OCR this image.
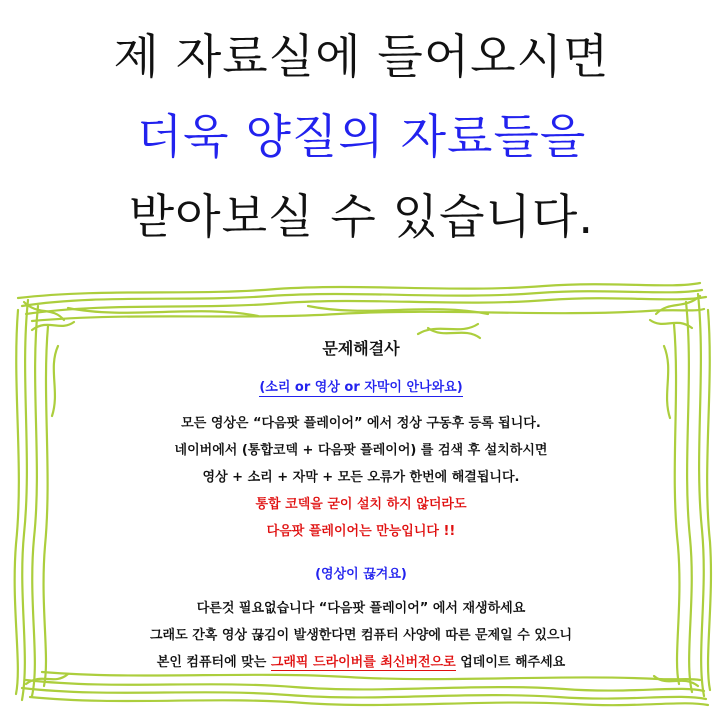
제 자료실에 들어오시면
더욱 양질의 자료들을
받아보실 수 있습니다.
문제해결사
(소리 or 영상 or 자막이 안나와요)

모든 영상은 “다음팟 플레이어” 에서 정상 구동후 등록 됩니다.

네이버에서 (통합코덱 + 다음팟 플레이어) 를 검색 후 설치하시면

영상 + 소리 + 자막 + 모든 오류가 한번에 해결됩니다.

통합 코덱을 굳이 설치 하지 않더라도

다음팟 플레이어는 만능입니다 !!

(영상이 끊겨요)

다른것 필요없습니다 “다음팟 플레이어” 에서 재생하세요

그래도 간혹 영상 끊김이 발생한다면 컴퓨터 사양에 따른 문제일 수 있으니

본인 컴퓨터에 맞는 그래픽 드라이버를 최신버전으로 업데이트 해주세요
